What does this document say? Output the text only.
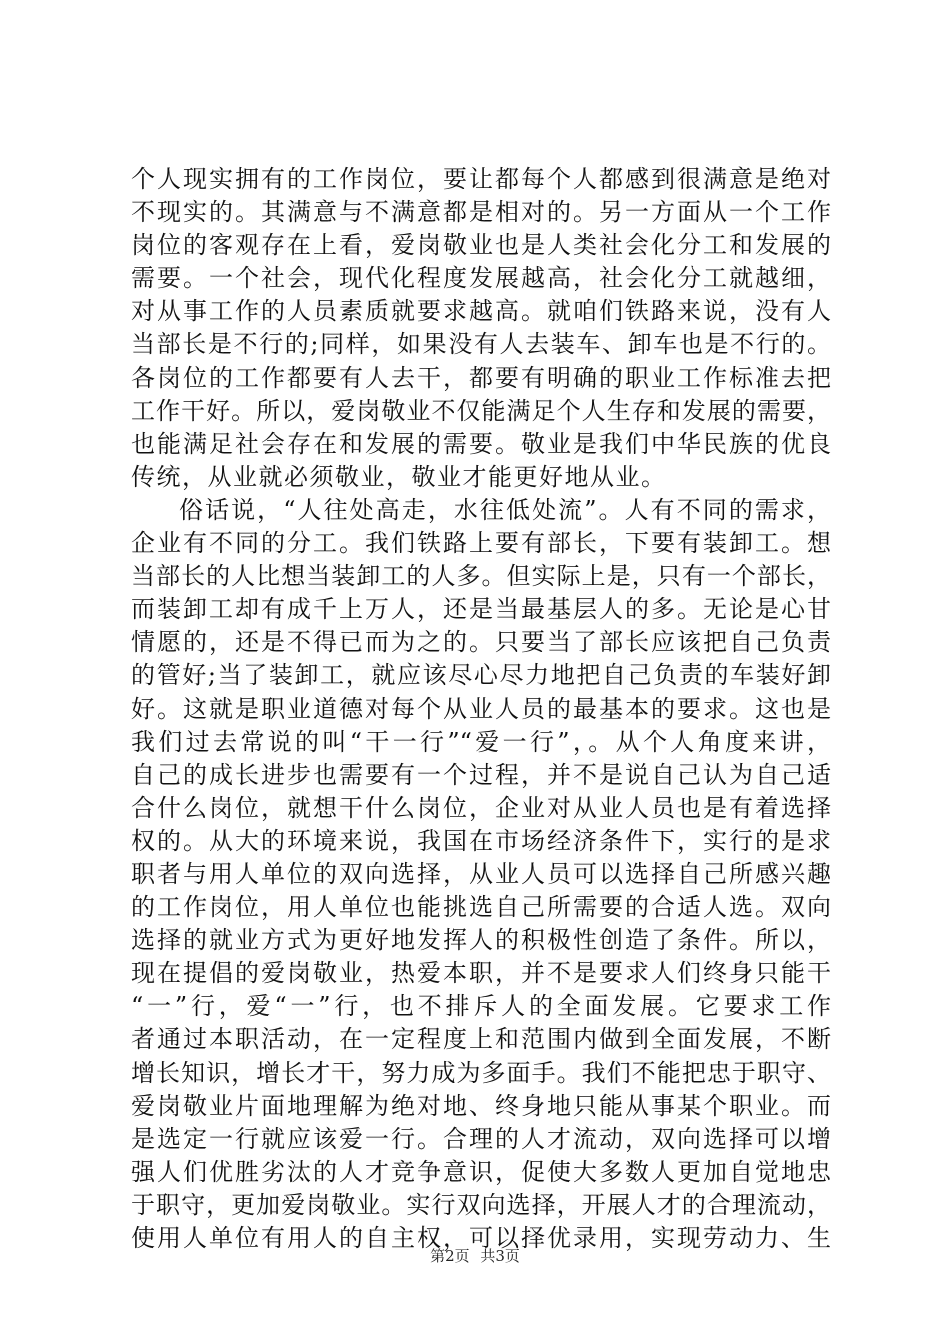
个人现实拥有的工作岗位，要让都每个人都感到很满意是绝对
不现实的。其满意与不满意都是相对的。另一方面从一个工作
岗位的客观存在上看，爱岗敬业也是人类社会化分工和发展的
需要。一个社会，现代化程度发展越高，社会化分工就越细，
对从事工作的人员素质就要求越高。就咱们铁路来说，没有人
当部长是不行的;同样，如果没有人去装车、卸车也是不行的。
各岗位的工作都要有人去干，都要有明确的职业工作标准去把
工作干好。所以，爱岗敬业不仅能满足个人生存和发展的需要，
也能满足社会存在和发展的需要。敬业是我们中华民族的优良
传统，从业就必须敬业，敬业才能更好地从业。
俗话说，“人往处高走，水往低处流”。人有不同的需求，
企业有不同的分工。我们铁路上要有部长，下要有装卸工。想
当部长的人比想当装卸工的人多。但实际上是，只有一个部长，
而装卸工却有成千上万人，还是当最基层人的多。无论是心甘
情愿的，还是不得已而为之的。只要当了部长应该把自己负责
的管好;当了装卸工，就应该尽心尽力地把自己负责的车装好卸
好。这就是职业道德对每个从业人员的最基本的要求。这也是
我们过去常说的叫“干一行”“爱一行”，。从个人角度来讲，
自己的成长进步也需要有一个过程，并不是说自己认为自己适
合什么岗位，就想干什么岗位，企业对从业人员也是有着选择
权的。从大的环境来说，我国在市场经济条件下，实行的是求
职者与用人单位的双向选择，从业人员可以选择自己所感兴趣
的工作岗位，用人单位也能挑选自己所需要的合适人选。双向
选择的就业方式为更好地发挥人的积极性创造了条件。所以，
现在提倡的爱岗敬业，热爱本职，并不是要求人们终身只能干
“一”行，爱“一”行，也不排斥人的全面发展。它要求工作
者通过本职活动，在一定程度上和范围内做到全面发展，不断
增长知识，增长才干，努力成为多面手。我们不能把忠于职守、
爱岗敬业片面地理解为绝对地、终身地只能从事某个职业。而
是选定一行就应该爱一行。合理的人才流动，双向选择可以增
强人们优胜劣汰的人才竞争意识，促使大多数人更加自觉地忠
于职守，更加爱岗敬业。实行双向选择，开展人才的合理流动，
使用人单位有用人的自主权，可以择优录用，实现劳动力、生
第2页 共3页
